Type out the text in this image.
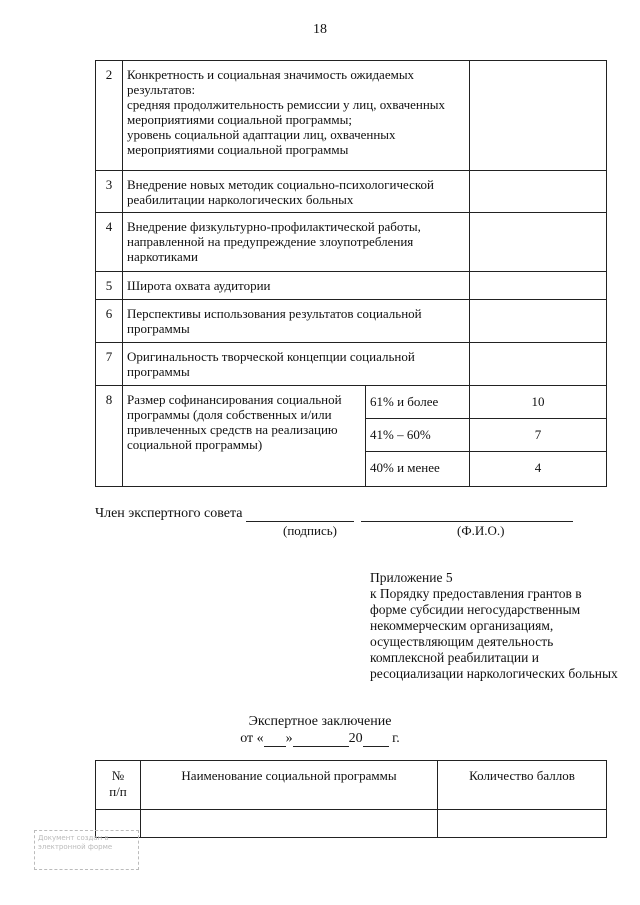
18
2	Конкретность и социальная значимость ожидаемых результатов:
средняя продолжительность ремиссии у лиц, охваченных мероприятиями социальной программы;
уровень социальной адаптации лиц, охваченных мероприятиями социальной программы		
3	Внедрение новых методик социально-психологической реабилитации наркологических больных		
4	Внедрение физкультурно-профилактической работы, направленной на предупреждение злоупотребления наркотиками		
5	Широта охвата аудитории		
6	Перспективы использования результатов социальной программы		
7	Оригинальность творческой концепции социальной программы		
8	Размер софинансирования социальной программы (доля собственных и/или привлеченных средств на реализацию социальной программы)	61% и более	10
		41% – 60%	7
		40% и менее	4
Член экспертного совета
(подпись)	(Ф.И.О.)
Приложение 5
к Порядку предоставления грантов в форме субсидии негосударственным некоммерческим организациям, осуществляющим деятельность комплексной реабилитации и ресоциализации наркологических больных
Экспертное заключение
от « »	20 г.
№
п/п	Наименование социальной программы	Количество баллов

Документ создан в электронной форме
